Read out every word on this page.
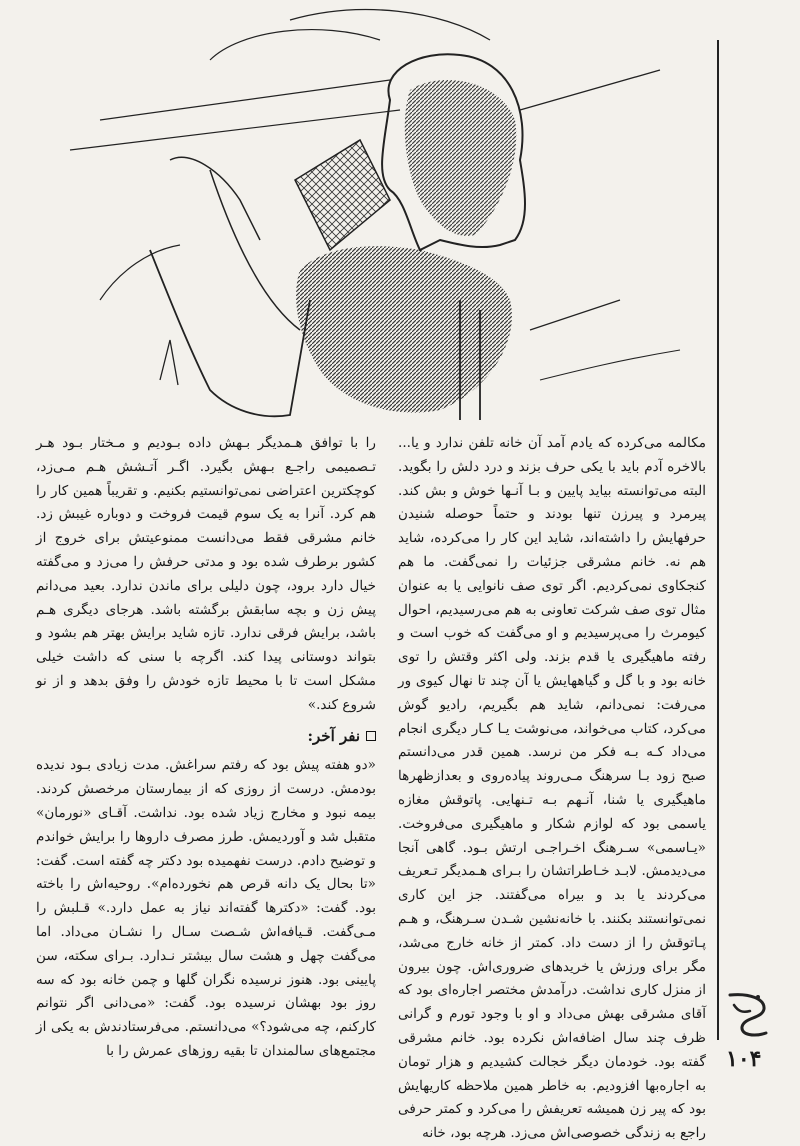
مکالمه می‌کرده که یادم آمد آن خانه تلفن ندارد و یا... بالاخره آدم باید با یکی حرف بزند و درد دلش را بگوید. البته می‌توانسته بیاید پایین و بـا آنـها خوش و بش کند. پیرمرد و پیرزن تنها بودند و حتماً حوصله شنیدن حرفهایش را داشته‌اند، شاید این کار را می‌کرده، شاید هم نه. خانم مشرقی جزئیات را نمی‌گفت. ما هم کنجکاوی نمی‌کردیم. اگر توی صف نانوایی یا به عنوان مثال توی صف شرکت تعاونی به هم می‌رسیدیم، احوال کیومرث را می‌پرسیدیم و او می‌گفت که خوب است و رفته ماهیگیری یا قدم بزند. ولی اکثر وقتش را توی خانه بود و با گل و گیاههایش یا آن چند تا نهال کیوی ور می‌رفت: نمی‌دانم، شاید هم بگیریم، رادیو گوش می‌کرد، کتاب می‌خواند، می‌نوشت یـا کـار دیگری انجام می‌داد کـه بـه فکر من نرسد. همین قدر می‌دانستم صبح زود بـا سرهنگ مـی‌روند پیاده‌روی و بعدازظهرها ماهیگیری یا شنا، آنـهم بـه تـنهایی. پاتوقش مغازه یاسمی بود که لوازم شکار و ماهیگیری می‌فروخت. «یـاسمی» سـرهنگ اخـراجـی ارتش بـود. گاهی آنجا می‌دیدمش. لابـد خـاطراتشان را بـرای هـمدیگر تـعریف می‌کردند یا بد و بیراه می‌گفتند. جز این کاری نمی‌توانستند بکنند. با خانه‌نشین شـدن سـرهنگ، و هـم پـاتوقش را از دست داد. کمتر از خانه خارج می‌شد، مگر برای ورزش یا خریدهای ضروری‌اش. چون بیرون از منزل کاری نداشت. درآمدش مختصر اجاره‌ای بود که آقای مشرقی بهش می‌داد و او با وجود تورم و گرانی ظرف چند سال اضافه‌اش نکرده بود. خانم مشرقی گفته بود. خودمان دیگر خجالت کشیدیم و هزار تومان به اجاره‌بها افزودیم. به خاطر همین ملاحظه کاریهایش بود که پیر زن همیشه تعریفش را می‌کرد و کمتر حرفی راجع به زندگی خصوصی‌اش می‌زد. هرچه بود، خانه

را با توافق هـمدیگر بـهش داده بـودیم و مـختار بـود هـر تـصمیمی راجـع بـهش بگیرد. اگـر آتـشش هـم مـی‌زد، کوچکترین اعتراضی نمی‌توانستیم بکنیم. و تقریباً همین کار را هم کرد. آنرا به یک سوم قیمت فروخت و دوباره غیبش زد. خانم مشرقی فقط می‌دانست ممنوعیتش برای خروج از کشور برطرف شده بود و مدتی حرفش را می‌زد و می‌گفته خیال دارد برود، چون دلیلی برای ماندن ندارد. بعید می‌دانم پیش زن و بچه سابقش برگشته باشد. هرجای دیگری هـم باشد، برایش فرقی ندارد. تازه شاید برایش بهتر هم بشود و بتواند دوستانی پیدا کند. اگرچه با سنی که داشت خیلی مشکل است تا با محیط تازه خودش را وفق بدهد و از نو شروع کند.»

نفر آخر:

«دو هفته پیش بود که رفتم سراغش. مدت زیادی بـود ندیده بودمش. درست از روزی که از بیمارستان مرخصش کردند. بیمه نبود و مخارج زیاد شده بود. نداشت. آقـای «نورمان» متقبل شد و آوردیمش. طرز مصرف داروها را برایش خواندم و توضیح دادم. درست نفهمیده بود دکتر چه گفته است. گفت: «تا بحال یک دانه قرص هم نخورده‌ام». روحیه‌اش را باخته بود. گفت: «دکترها گفته‌اند نیاز به عمل دارد.» قـلبش را مـی‌گفت. قـیافه‌اش شـصت سـال را نشـان می‌داد. اما می‌گفت چهل و هشت سال بیشتر نـدارد. بـرای سکته، سن پایینی بود. هنوز نرسیده نگران گلها و چمن خانه بود که سه روز بود بهشان نرسیده بود. گفت: «می‌دانی اگر نتوانم کارکنم، چه می‌شود؟» می‌دانستم. می‌فرستادندش به یکی از مجتمع‌های سالمندان تا بقیه روزهای عمرش را با	۱۰۴
